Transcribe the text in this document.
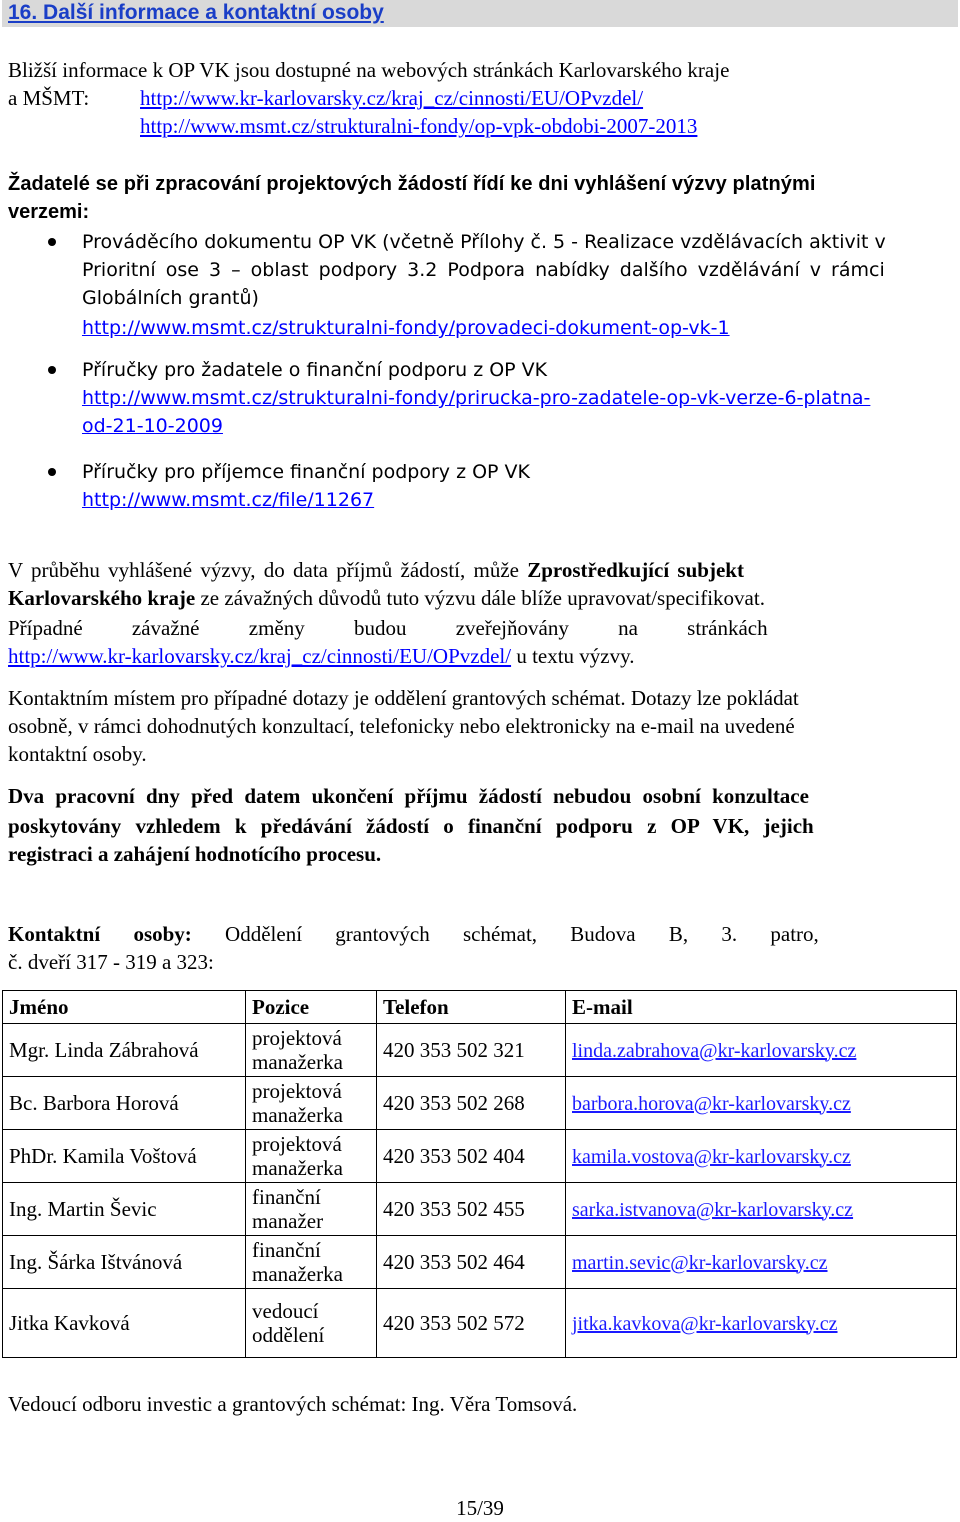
16. Další informace a kontaktní osoby
Bližší informace k OP VK jsou dostupné na webových stránkách Karlovarského kraje
a MŠMT: http://www.kr-karlovarsky.cz/kraj_cz/cinnosti/EU/OPvzdel/
http://www.msmt.cz/strukturalni-fondy/op-vpk-obdobi-2007-2013
Žadatelé se při zpracování projektových žádostí řídí ke dni vyhlášení výzvy platnými
verzemi:
Prováděcího dokumentu OP VK (včetně Přílohy č. 5 - Realizace vzdělávacích aktivit v
Prioritní ose 3 – oblast podpory 3.2 Podpora nabídky dalšího vzdělávání v rámci
Globálních grantů)
http://www.msmt.cz/strukturalni-fondy/provadeci-dokument-op-vk-1
Příručky pro žadatele o finanční podporu z OP VK
http://www.msmt.cz/strukturalni-fondy/prirucka-pro-zadatele-op-vk-verze-6-platna-
od-21-10-2009
Příručky pro příjemce finanční podpory z OP VK
http://www.msmt.cz/file/11267
V průběhu vyhlášené výzvy, do data příjmů žádostí, může Zprostředkující subjekt
Karlovarského kraje ze závažných důvodů tuto výzvu dále blíže upravovat/specifikovat.
Případné závažné změny budou zveřejňovány na stránkách
http://www.kr-karlovarsky.cz/kraj_cz/cinnosti/EU/OPvzdel/ u textu výzvy.
Kontaktním místem pro případné dotazy je oddělení grantových schémat. Dotazy lze pokládat
osobně, v rámci dohodnutých konzultací, telefonicky nebo elektronicky na e-mail na uvedené
kontaktní osoby.
Dva pracovní dny před datem ukončení příjmu žádostí nebudou osobní konzultace
poskytovány vzhledem k předávání žádostí o finanční podporu z OP VK, jejich
registraci a zahájení hodnotícího procesu.
Kontaktní osoby: Oddělení grantových schémat, Budova B, 3. patro,
č. dveří 317 - 319 a 323:
Jméno	Pozice	Telefon	E-mail
Mgr. Linda Zábrahová	projektová
manažerka	420 353 502 321	linda.zabrahova@kr-karlovarsky.cz
Bc. Barbora Horová	projektová
manažerka	420 353 502 268	barbora.horova@kr-karlovarsky.cz
PhDr. Kamila Voštová	projektová
manažerka	420 353 502 404	kamila.vostova@kr-karlovarsky.cz
Ing. Martin Ševic	finanční
manažer	420 353 502 455	sarka.istvanova@kr-karlovarsky.cz
Ing. Šárka Ištvánová	finanční
manažerka	420 353 502 464	martin.sevic@kr-karlovarsky.cz
Jitka Kavková	vedoucí
oddělení	420 353 502 572	jitka.kavkova@kr-karlovarsky.cz
Vedoucí odboru investic a grantových schémat: Ing. Věra Tomsová.
15/39
